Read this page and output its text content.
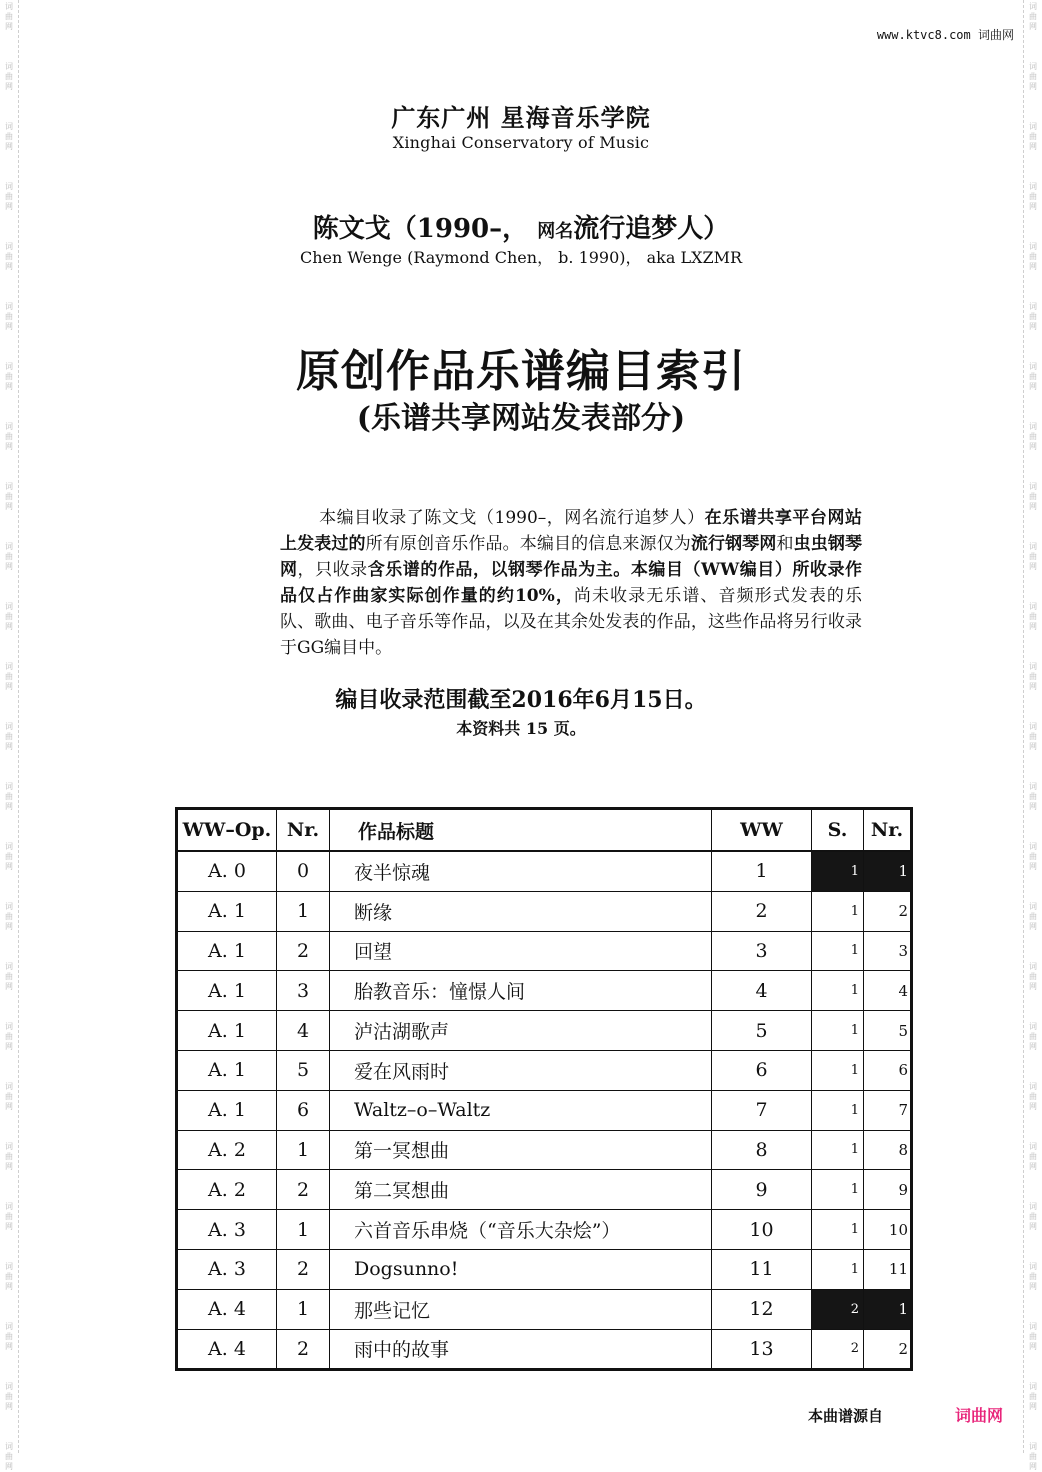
词
曲
网
词
曲
网
词
曲
网
词
曲
网
词
曲
网
词
曲
网
词
曲
网
词
曲
网
词
曲
网
词
曲
网
词
曲
网
词
曲
网
词
曲
网
词
曲
网
词
曲
网
词
曲
网
词
曲
网
词
曲
网
词
曲
网
词
曲
网
词
曲
网
词
曲
网
词
曲
网
词
曲
网
词
曲
网
词
曲
网
词
曲
网
词
曲
网
词
曲
网
词
曲
网
词
曲
网
词
曲
网
词
曲
网
词
曲
网
词
曲
网
词
曲
网
词
曲
网
词
曲
网
词
曲
网
词
曲
网
词
曲
网
词
曲
网
词
曲
网
词
曲
网
词
曲
网
词
曲
网
词
曲
网
词
曲
网
词
曲
网
词
曲
网
www.ktvc8.com 词曲网
广东广州 星海音乐学院
Xinghai Conservatory of Music
陈文戈（1990–， 网名流行追梦人）
Chen Wenge (Raymond Chen， b. 1990)， aka LXZMR
原创作品乐谱编目索引
(乐谱共享网站发表部分)

本编目收录了陈文戈（1990–，网名流行追梦人）在乐谱共享平台网站上发表过的所有原创音乐作品。本编目的信息来源仅为流行钢琴网和虫虫钢琴网，只收录含乐谱的作品，以钢琴作品为主。本编目（WW编目）所收录作品仅占作曲家实际创作量的约10%，尚未收录无乐谱、音频形式发表的乐队、歌曲、电子音乐等作品，以及在其余处发表的作品，这些作品将另行收录于GG编目中。

编目收录范围截至2016年6月15日。
本资料共 15 页。
WW–Op.	Nr.	作品标题	WW	S.	Nr.
A. 0	0	夜半惊魂	1	1	1
A. 1	1	断缘	2	1	2
A. 1	2	回望	3	1	3
A. 1	3	胎教音乐：憧憬人间	4	1	4
A. 1	4	泸沽湖歌声	5	1	5
A. 1	5	爱在风雨时	6	1	6
A. 1	6	Waltz–o–Waltz	7	1	7
A. 2	1	第一冥想曲	8	1	8
A. 2	2	第二冥想曲	9	1	9
A. 3	1	六首音乐串烧（“音乐大杂烩”）	10	1	10
A. 3	2	Dogsunno!	11	1	11
A. 4	1	那些记忆	12	2	1
A. 4	2	雨中的故事	13	2	2
本曲谱源自	词曲网
